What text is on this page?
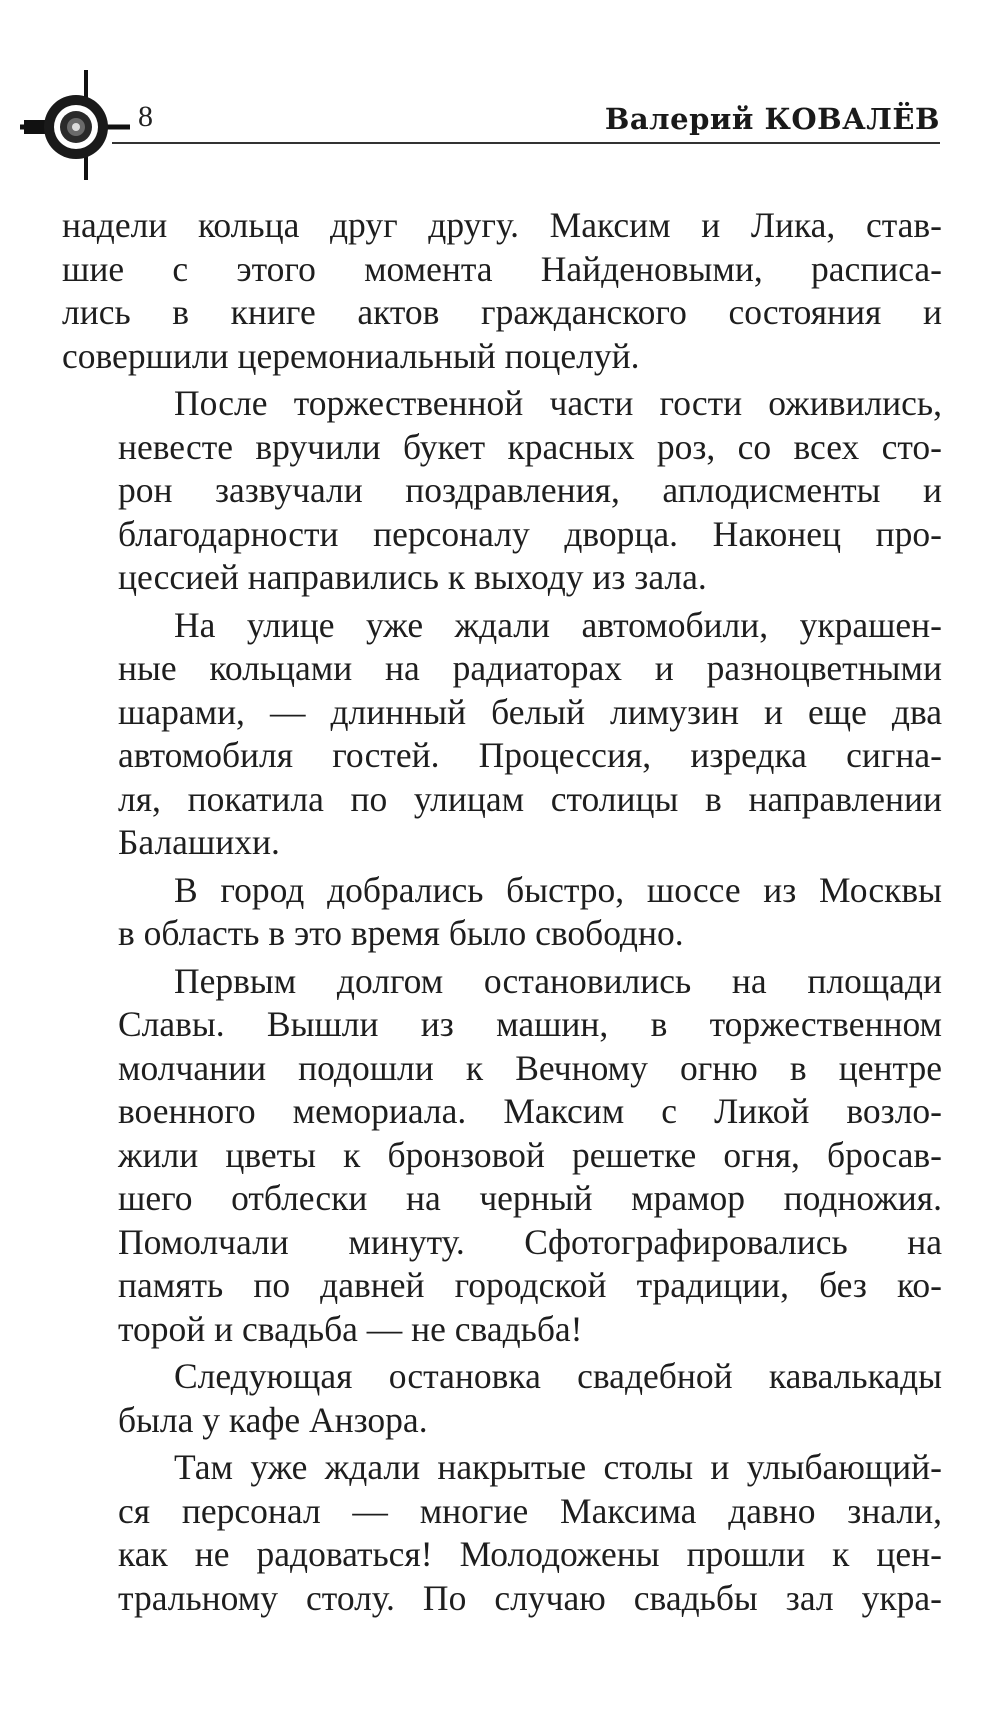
8	Валерий КОВАЛЁВ

надели кольца друг другу. Максим и Лика, став-
шие с этого момента Найденовыми, расписа-
лись в книге актов гражданского состояния и
совершили церемониальный поцелуй.

После торжественной части гости оживились,
невесте вручили букет красных роз, со всех сто-
рон зазвучали поздравления, аплодисменты и
благодарности персоналу дворца. Наконец про-
цессией направились к выходу из зала.

На улице уже ждали автомобили, украшен-
ные кольцами на радиаторах и разноцветными
шарами, — длинный белый лимузин и еще два
автомобиля гостей. Процессия, изредка сигна-
ля, покатила по улицам столицы в направлении
Балашихи.

В город добрались быстро, шоссе из Москвы
в область в это время было свободно.

Первым долгом остановились на площади
Славы. Вышли из машин, в торжественном
молчании подошли к Вечному огню в центре
военного мемориала. Максим с Ликой возло-
жили цветы к бронзовой решетке огня, бросав-
шего отблески на черный мрамор подножия.
Помолчали минуту. Сфотографировались на
память по давней городской традиции, без ко-
торой и свадьба — не свадьба!

Следующая остановка свадебной кавалькады
была у кафе Анзора.

Там уже ждали накрытые столы и улыбающий-
ся персонал — многие Максима давно знали,
как не радоваться! Молодожены прошли к цен-
тральному столу. По случаю свадьбы зал укра-
